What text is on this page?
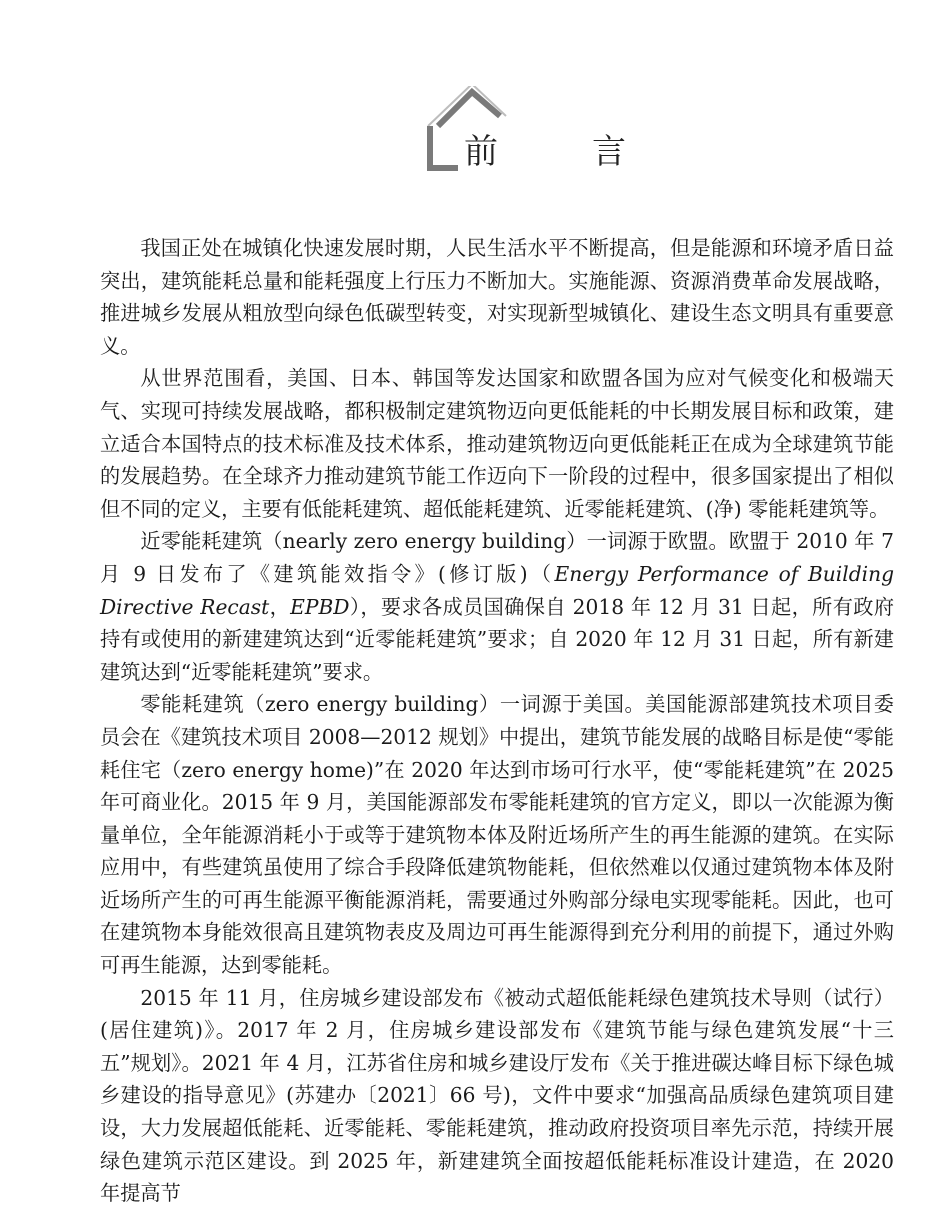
前　言

我国正处在城镇化快速发展时期，人民生活水平不断提高，但是能源和环境矛盾日益突出，建筑能耗总量和能耗强度上行压力不断加大。实施能源、资源消费革命发展战略，推进城乡发展从粗放型向绿色低碳型转变，对实现新型城镇化、建设生态文明具有重要意义。

从世界范围看，美国、日本、韩国等发达国家和欧盟各国为应对气候变化和极端天气、实现可持续发展战略，都积极制定建筑物迈向更低能耗的中长期发展目标和政策，建立适合本国特点的技术标准及技术体系，推动建筑物迈向更低能耗正在成为全球建筑节能的发展趋势。在全球齐力推动建筑节能工作迈向下一阶段的过程中，很多国家提出了相似但不同的定义，主要有低能耗建筑、超低能耗建筑、近零能耗建筑、(净) 零能耗建筑等。

近零能耗建筑（nearly zero energy building）一词源于欧盟。欧盟于 2010 年 7 月 9 日发布了《建筑能效指令》(修订版)（Energy Performance of Building Directive Recast，EPBD），要求各成员国确保自 2018 年 12 月 31 日起，所有政府持有或使用的新建建筑达到“近零能耗建筑”要求；自 2020 年 12 月 31 日起，所有新建建筑达到“近零能耗建筑”要求。

零能耗建筑（zero energy building）一词源于美国。美国能源部建筑技术项目委员会在《建筑技术项目 2008—2012 规划》中提出，建筑节能发展的战略目标是使“零能耗住宅（zero energy home)”在 2020 年达到市场可行水平，使“零能耗建筑”在 2025 年可商业化。2015 年 9 月，美国能源部发布零能耗建筑的官方定义，即以一次能源为衡量单位，全年能源消耗小于或等于建筑物本体及附近场所产生的再生能源的建筑。在实际应用中，有些建筑虽使用了综合手段降低建筑物能耗，但依然难以仅通过建筑物本体及附近场所产生的可再生能源平衡能源消耗，需要通过外购部分绿电实现零能耗。因此，也可在建筑物本身能效很高且建筑物表皮及周边可再生能源得到充分利用的前提下，通过外购可再生能源，达到零能耗。

2015 年 11 月，住房城乡建设部发布《被动式超低能耗绿色建筑技术导则（试行）(居住建筑)》。2017 年 2 月，住房城乡建设部发布《建筑节能与绿色建筑发展“十三五”规划》。2021 年 4 月，江苏省住房和城乡建设厅发布《关于推进碳达峰目标下绿色城乡建设的指导意见》(苏建办〔2021〕66 号)，文件中要求“加强高品质绿色建筑项目建设，大力发展超低能耗、近零能耗、零能耗建筑，推动政府投资项目率先示范，持续开展绿色建筑示范区建设。到 2025 年，新建建筑全面按超低能耗标准设计建造，在 2020 年提高节
